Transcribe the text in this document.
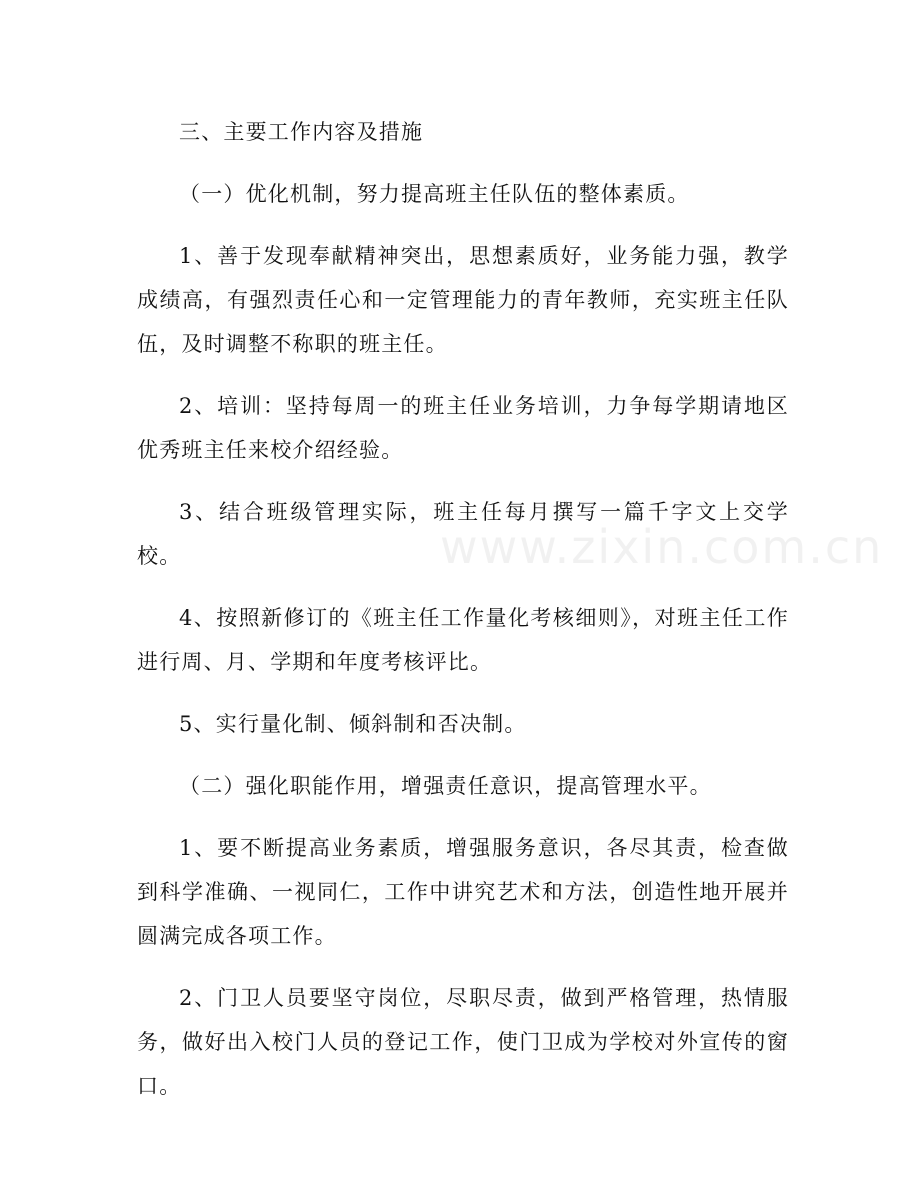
三、主要工作内容及措施

（一）优化机制，努力提高班主任队伍的整体素质。

1、善于发现奉献精神突出，思想素质好，业务能力强，教学成绩高，有强烈责任心和一定管理能力的青年教师，充实班主任队伍，及时调整不称职的班主任。

2、培训：坚持每周一的班主任业务培训，力争每学期请地区优秀班主任来校介绍经验。

3、结合班级管理实际，班主任每月撰写一篇千字文上交学校。

4、按照新修订的《班主任工作量化考核细则》，对班主任工作进行周、月、学期和年度考核评比。

5、实行量化制、倾斜制和否决制。

（二）强化职能作用，增强责任意识，提高管理水平。

1、要不断提高业务素质，增强服务意识，各尽其责，检查做到科学准确、一视同仁，工作中讲究艺术和方法，创造性地开展并圆满完成各项工作。

2、门卫人员要坚守岗位，尽职尽责，做到严格管理，热情服务，做好出入校门人员的登记工作，使门卫成为学校对外宣传的窗口。

www.zixin.com.cn
